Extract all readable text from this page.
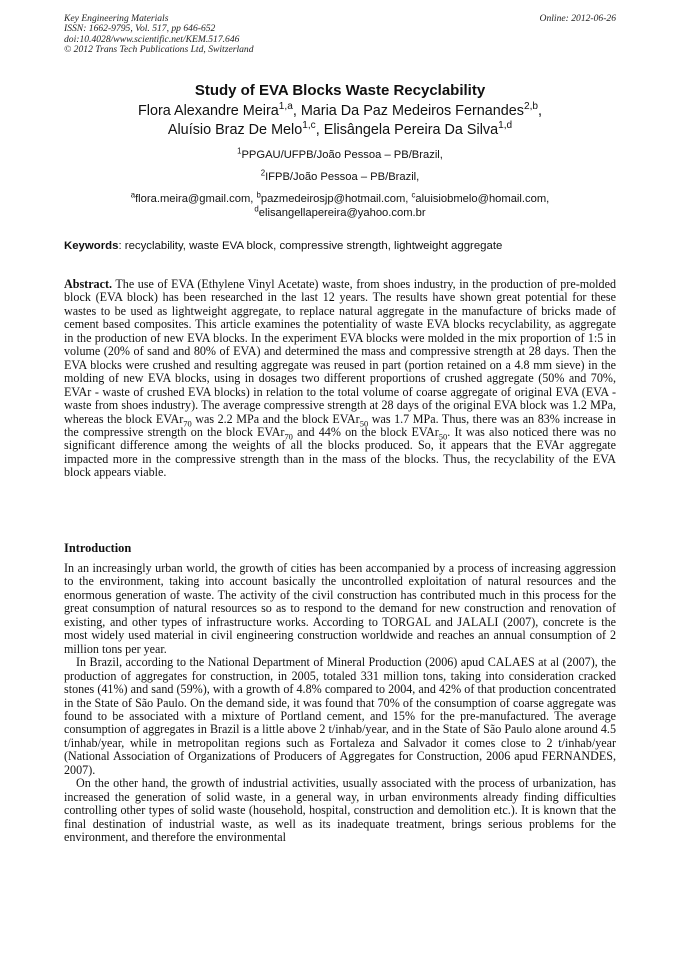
Key Engineering Materials
ISSN: 1662-9795, Vol. 517, pp 646-652
doi:10.4028/www.scientific.net/KEM.517.646
© 2012 Trans Tech Publications Ltd, Switzerland
Online: 2012-06-26
Study of EVA Blocks Waste Recyclability
Flora Alexandre Meira$^{1,a}$, Maria Da Paz Medeiros Fernandes$^{2,b}$,
Aluísio Braz De Melo$^{1,c}$, Elisângela Pereira Da Silva$^{1,d}$
$^1$PPGAU/UFPB/João Pessoa – PB/Brazil,
$^2$IFPB/João Pessoa – PB/Brazil,
$^a$flora.meira@gmail.com, $^b$pazmedeirosjp@hotmail.com, $^c$aluisiobmelo@homail.com,
$^d$elisangellapereira@yahoo.com.br
Keywords: recyclability, waste EVA block, compressive strength, lightweight aggregate

Abstract. The use of EVA (Ethylene Vinyl Acetate) waste, from shoes industry, in the production of pre-molded block (EVA block) has been researched in the last 12 years. The results have shown great potential for these wastes to be used as lightweight aggregate, to replace natural aggregate in the manufacture of bricks made of cement based composites. This article examines the potentiality of waste EVA blocks recyclability, as aggregate in the production of new EVA blocks. In the experiment EVA blocks were molded in the mix proportion of 1:5 in volume (20% of sand and 80% of EVA) and determined the mass and compressive strength at 28 days. Then the EVA blocks were crushed and resulting aggregate was reused in part (portion retained on a 4.8 mm sieve) in the molding of new EVA blocks, using in dosages two different proportions of crushed aggregate (50% and 70%, EVAr - waste of crushed EVA blocks) in relation to the total volume of coarse aggregate of original EVA (EVA - waste from shoes industry). The average compressive strength at 28 days of the original EVA block was 1.2 MPa, whereas the block EVAr$_{70}$ was 2.2 MPa and the block EVAr$_{50}$ was 1.7 MPa. Thus, there was an 83% increase in the compressive strength on the block EVAr$_{70}$ and 44% on the block EVAr$_{50}$. It was also noticed there was no significant difference among the weights of all the blocks produced. So, it appears that the EVAr aggregate impacted more in the compressive strength than in the mass of the blocks. Thus, the recyclability of the EVA block appears viable.

Introduction

In an increasingly urban world, the growth of cities has been accompanied by a process of increasing aggression to the environment, taking into account basically the uncontrolled exploitation of natural resources and the enormous generation of waste. The activity of the civil construction has contributed much in this process for the great consumption of natural resources so as to respond to the demand for new construction and renovation of existing, and other types of infrastructure works. According to TORGAL and JALALI (2007), concrete is the most widely used material in civil engineering construction worldwide and reaches an annual consumption of 2 million tons per year.

In Brazil, according to the National Department of Mineral Production (2006) apud CALAES at al (2007), the production of aggregates for construction, in 2005, totaled 331 million tons, taking into consideration cracked stones (41%) and sand (59%), with a growth of 4.8% compared to 2004, and 42% of that production concentrated in the State of São Paulo. On the demand side, it was found that 70% of the consumption of coarse aggregate was found to be associated with a mixture of Portland cement, and 15% for the pre-manufactured. The average consumption of aggregates in Brazil is a little above 2 t/inhab/year, and in the State of São Paulo alone around 4.5 t/inhab/year, while in metropolitan regions such as Fortaleza and Salvador it comes close to 2 t/inhab/year (National Association of Organizations of Producers of Aggregates for Construction, 2006 apud FERNANDES, 2007).

On the other hand, the growth of industrial activities, usually associated with the process of urbanization, has increased the generation of solid waste, in a general way, in urban environments already finding difficulties controlling other types of solid waste (household, hospital, construction and demolition etc.). It is known that the final destination of industrial waste, as well as its inadequate treatment, brings serious problems for the environment, and therefore the environmental
